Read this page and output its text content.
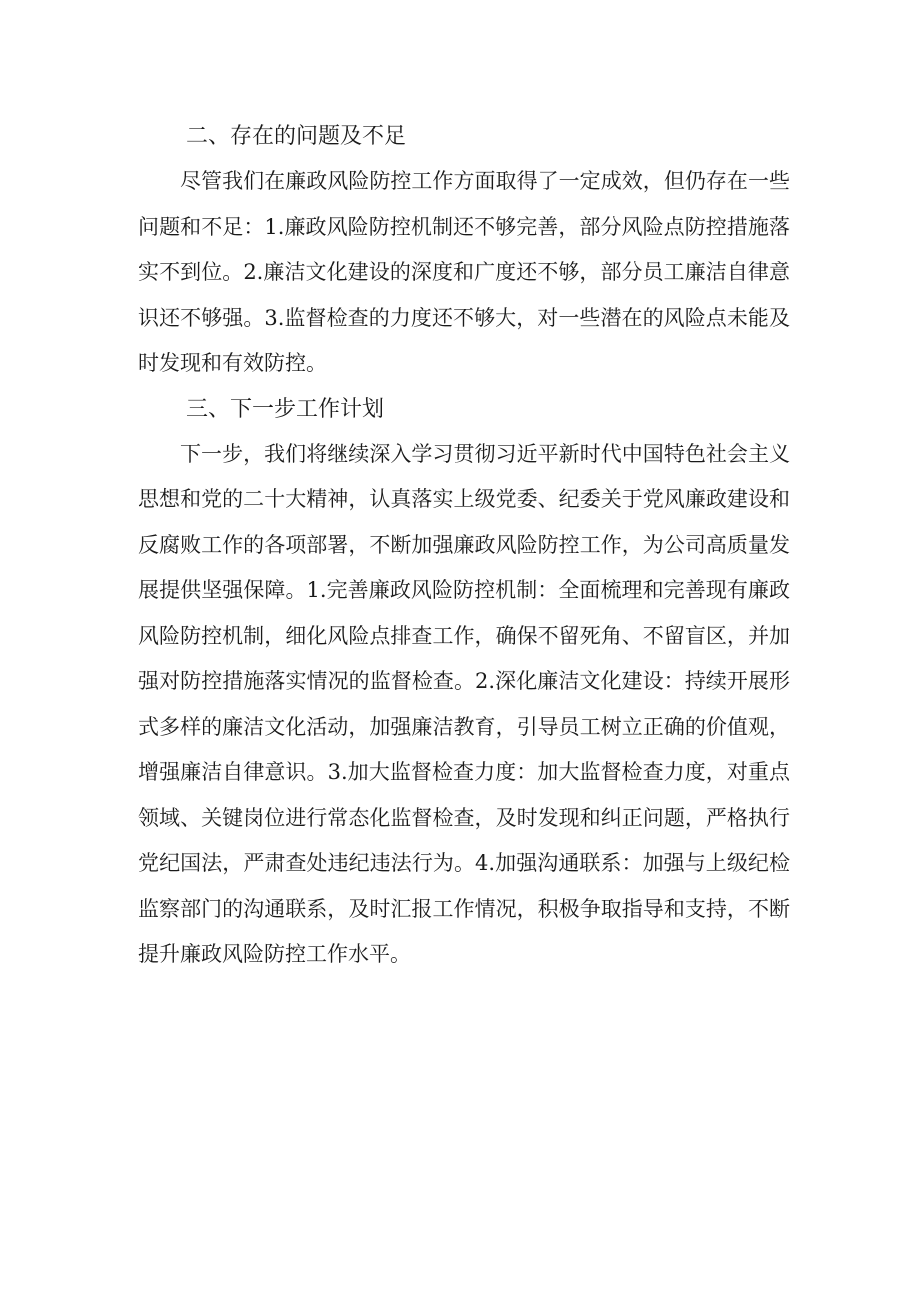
二、存在的问题及不足

尽管我们在廉政风险防控工作方面取得了一定成效，但仍存在一些问题和不足：1.廉政风险防控机制还不够完善，部分风险点防控措施落实不到位。2.廉洁文化建设的深度和广度还不够，部分员工廉洁自律意识还不够强。3.监督检查的力度还不够大，对一些潜在的风险点未能及时发现和有效防控。

三、下一步工作计划

下一步，我们将继续深入学习贯彻习近平新时代中国特色社会主义思想和党的二十大精神，认真落实上级党委、纪委关于党风廉政建设和反腐败工作的各项部署，不断加强廉政风险防控工作，为公司高质量发展提供坚强保障。1.完善廉政风险防控机制：全面梳理和完善现有廉政风险防控机制，细化风险点排查工作，确保不留死角、不留盲区，并加强对防控措施落实情况的监督检查。2.深化廉洁文化建设：持续开展形式多样的廉洁文化活动，加强廉洁教育，引导员工树立正确的价值观，增强廉洁自律意识。3.加大监督检查力度：加大监督检查力度，对重点领域、关键岗位进行常态化监督检查，及时发现和纠正问题，严格执行党纪国法，严肃查处违纪违法行为。4.加强沟通联系：加强与上级纪检监察部门的沟通联系，及时汇报工作情况，积极争取指导和支持，不断提升廉政风险防控工作水平。
